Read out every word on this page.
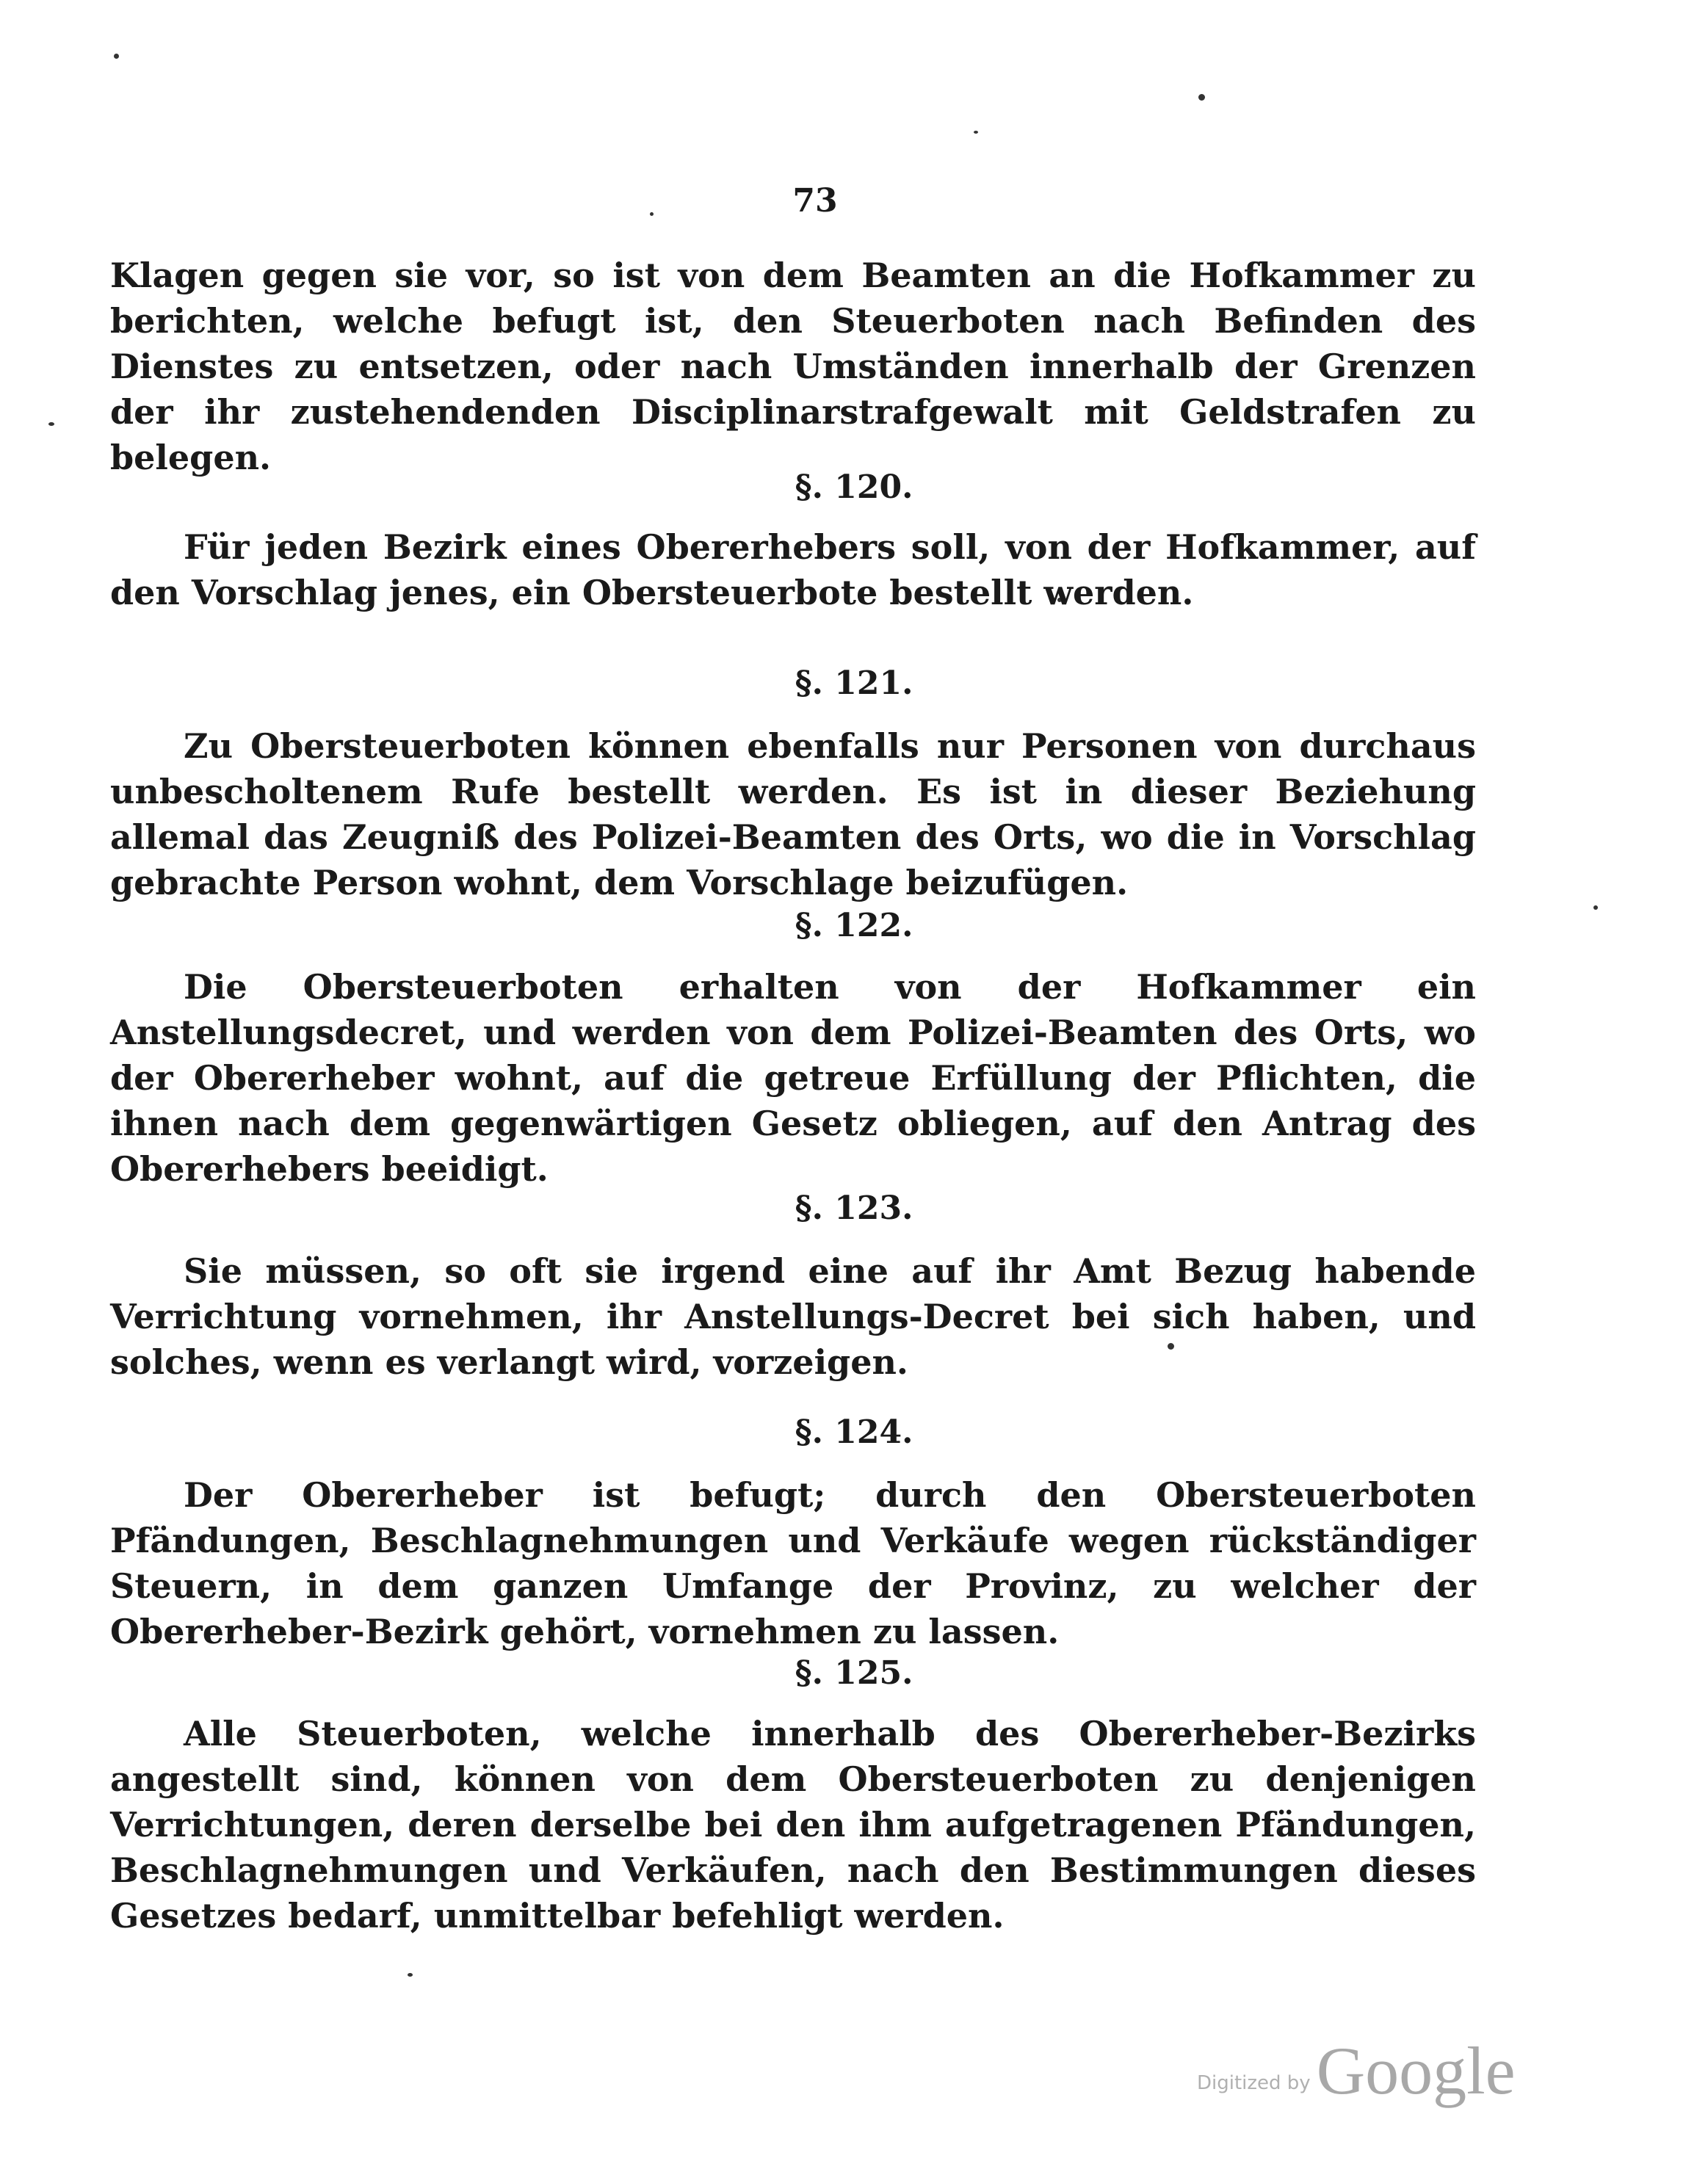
73

Klagen gegen sie vor, so ist von dem Beamten an die Hofkammer zu berichten, welche befugt ist, den Steuerboten nach Befinden des Dienstes zu entsetzen, oder nach Umständen innerhalb der Grenzen der ihr zustehendenden Disciplinarstrafgewalt mit Geldstrafen zu belegen.

§. 120.

Für jeden Bezirk eines Obererhebers soll, von der Hofkammer, auf den Vorschlag jenes, ein Obersteuerbote bestellt werden.

§. 121.

Zu Obersteuerboten können ebenfalls nur Personen von durchaus unbescholtenem Rufe bestellt werden. Es ist in dieser Beziehung allemal das Zeugniß des Polizei-Beamten des Orts, wo die in Vorschlag gebrachte Person wohnt, dem Vorschlage beizufügen.

§. 122.

Die Obersteuerboten erhalten von der Hofkammer ein Anstellungsdecret, und werden von dem Polizei-Beamten des Orts, wo der Obererheber wohnt, auf die getreue Erfüllung der Pflichten, die ihnen nach dem gegenwärtigen Gesetz obliegen, auf den Antrag des Obererhebers beeidigt.

§. 123.

Sie müssen, so oft sie irgend eine auf ihr Amt Bezug habende Verrichtung vornehmen, ihr Anstellungs-Decret bei sich haben, und solches, wenn es verlangt wird, vorzeigen.

§. 124.

Der Obererheber ist befugt; durch den Obersteuerboten Pfändungen, Beschlagnehmungen und Verkäufe wegen rückständiger Steuern, in dem ganzen Umfange der Provinz, zu welcher der Obererheber-Bezirk gehört, vornehmen zu lassen.

§. 125.

Alle Steuerboten, welche innerhalb des Obererheber-Bezirks angestellt sind, können von dem Obersteuerboten zu denjenigen Verrichtungen, deren derselbe bei den ihm aufgetragenen Pfändungen, Beschlagnehmungen und Verkäufen, nach den Bestimmungen dieses Gesetzes bedarf, unmittelbar befehligt werden.

Digitized by Google
